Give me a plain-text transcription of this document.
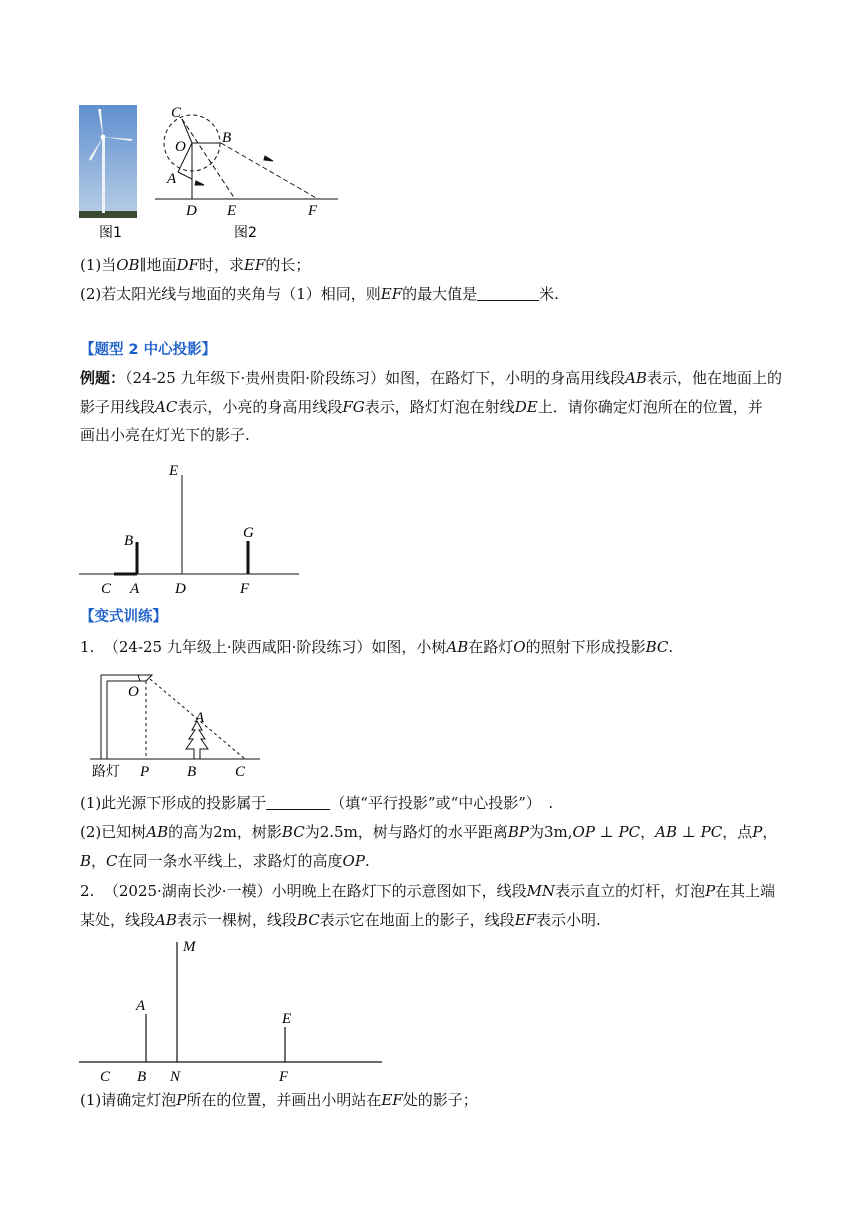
C
B
O
A
D E	F
图1	图2
(1)当OB∥地面DF时，求EF的长；
(2)若太阳光线与地面的夹角与（1）相同，则EF的最大值是	米.
【题型 2 中心投影】
例题：（24-25 九年级下·贵州贵阳·阶段练习）如图，在路灯下，小明的身高用线段AB表示，他在地面上的
影子用线段AC表示，小亮的身高用线段FG表示，路灯灯泡在射线DE上．请你确定灯泡所在的位置，并
画出小亮在灯光下的影子.
E
B	G
C A D	F
【变式训练】
1. （24-25 九年级上·陕西咸阳·阶段练习）如图，小树AB在路灯O的照射下形成投影BC.
O
A
路灯 P	B	C
(1)此光源下形成的投影属于	（填“平行投影”或“中心投影”）　.
(2)已知树AB的高为2m，树影BC为2.5m，树与路灯的水平距离BP为3m,OP ⊥ PC，AB ⊥ PC，点P，
B，C在同一条水平线上，求路灯的高度OP.
2. （2025·湖南长沙·一模）小明晚上在路灯下的示意图如下，线段MN表示直立的灯杆，灯泡P在其上端
某处，线段AB表示一棵树，线段BC表示它在地面上的影子，线段EF表示小明.
M
A
E
C B N	F
(1)请确定灯泡P所在的位置，并画出小明站在EF处的影子；
